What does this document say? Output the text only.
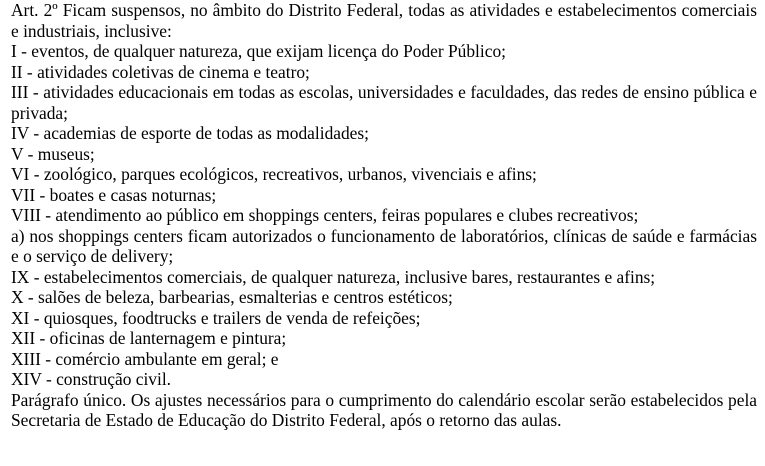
Art. 2º Ficam suspensos, no âmbito do Distrito Federal, todas as atividades e estabelecimentos comerciais e industriais, inclusive:

I - eventos, de qualquer natureza, que exijam licença do Poder Público;

II - atividades coletivas de cinema e teatro;

III - atividades educacionais em todas as escolas, universidades e faculdades, das redes de ensino pública e privada;

IV - academias de esporte de todas as modalidades;

V - museus;

VI - zoológico, parques ecológicos, recreativos, urbanos, vivenciais e afins;

VII - boates e casas noturnas;

VIII - atendimento ao público em shoppings centers, feiras populares e clubes recreativos;

a) nos shoppings centers ficam autorizados o funcionamento de laboratórios, clínicas de saúde e farmácias e o serviço de delivery;

IX - estabelecimentos comerciais, de qualquer natureza, inclusive bares, restaurantes e afins;

X - salões de beleza, barbearias, esmalterias e centros estéticos;

XI - quiosques, foodtrucks e trailers de venda de refeições;

XII - oficinas de lanternagem e pintura;

XIII - comércio ambulante em geral; e

XIV - construção civil.

Parágrafo único. Os ajustes necessários para o cumprimento do calendário escolar serão estabelecidos pela Secretaria de Estado de Educação do Distrito Federal, após o retorno das aulas.
